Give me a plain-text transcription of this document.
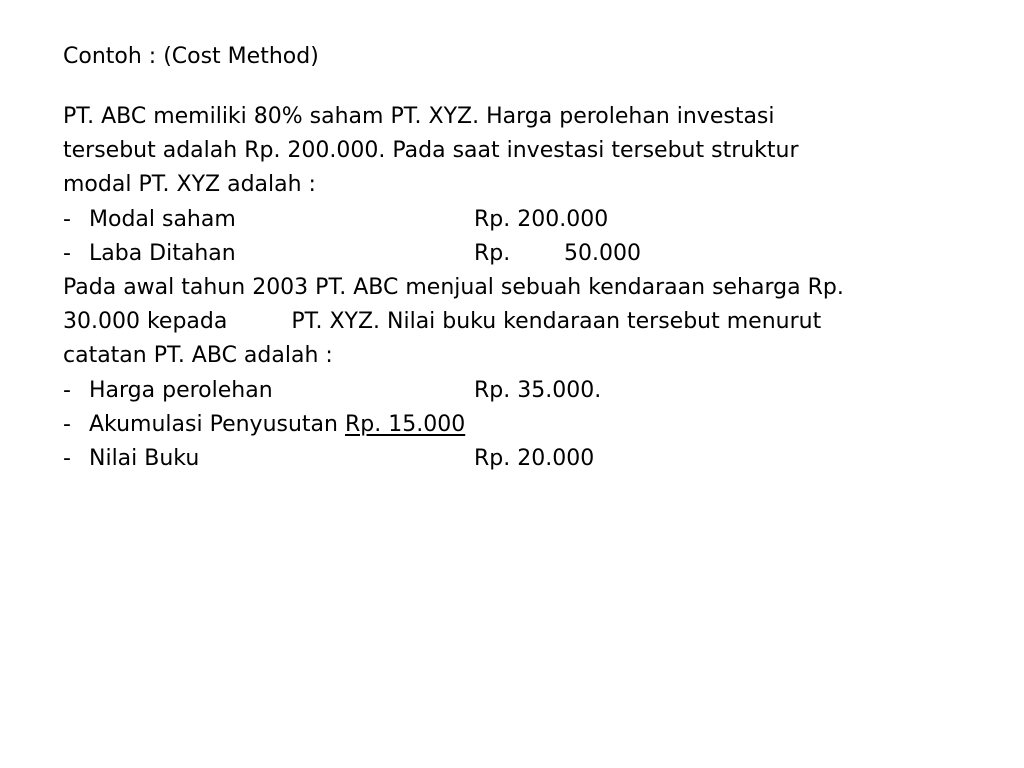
Contoh : (Cost Method)
PT. ABC memiliki 80% saham PT. XYZ. Harga perolehan investasi
tersebut adalah Rp. 200.000. Pada saat investasi tersebut struktur
modal PT. XYZ adalah :
- Modal saham	Rp. 200.000
- Laba Ditahan	Rp. 50.000
Pada awal tahun 2003 PT. ABC menjual sebuah kendaraan seharga Rp.
30.000 kepada	PT. XYZ. Nilai buku kendaraan tersebut menurut
catatan PT. ABC adalah :
- Harga perolehan	Rp. 35.000.
- Akumulasi Penyusutan Rp. 15.000
- Nilai Buku	Rp. 20.000
